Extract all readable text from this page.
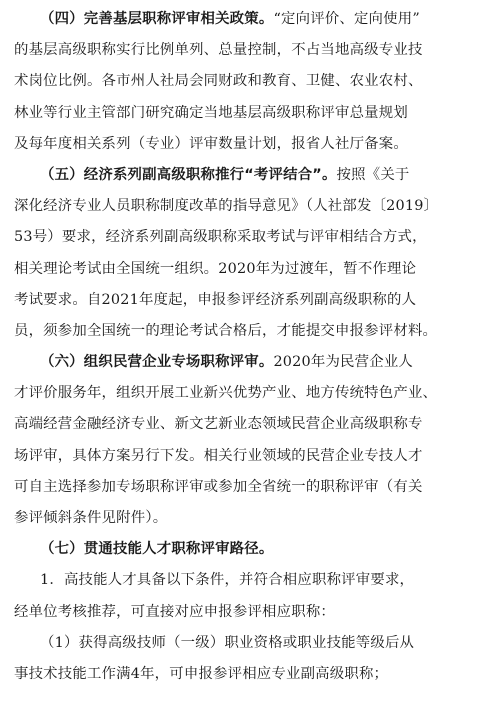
（四）完善基层职称评审相关政策。“定向评价、定向使用”
的基层高级职称实行比例单列、总量控制，不占当地高级专业技
术岗位比例。各市州人社局会同财政和教育、卫健、农业农村、
林业等行业主管部门研究确定当地基层高级职称评审总量规划
及每年度相关系列（专业）评审数量计划，报省人社厅备案。
（五）经济系列副高级职称推行“考评结合”。按照《关于
深化经济专业人员职称制度改革的指导意见》（人社部发〔2019〕
53号）要求，经济系列副高级职称采取考试与评审相结合方式，
相关理论考试由全国统一组织。2020年为过渡年，暂不作理论
考试要求。自2021年度起，申报参评经济系列副高级职称的人
员，须参加全国统一的理论考试合格后，才能提交申报参评材料。
（六）组织民营企业专场职称评审。2020年为民营企业人
才评价服务年，组织开展工业新兴优势产业、地方传统特色产业、
高端经营金融经济专业、新文艺新业态领域民营企业高级职称专
场评审，具体方案另行下发。相关行业领域的民营企业专技人才
可自主选择参加专场职称评审或参加全省统一的职称评审（有关
参评倾斜条件见附件）。
（七）贯通技能人才职称评审路径。
1．高技能人才具备以下条件，并符合相应职称评审要求，
经单位考核推荐，可直接对应申报参评相应职称：
（1）获得高级技师（一级）职业资格或职业技能等级后从
事技术技能工作满4年，可申报参评相应专业副高级职称；
